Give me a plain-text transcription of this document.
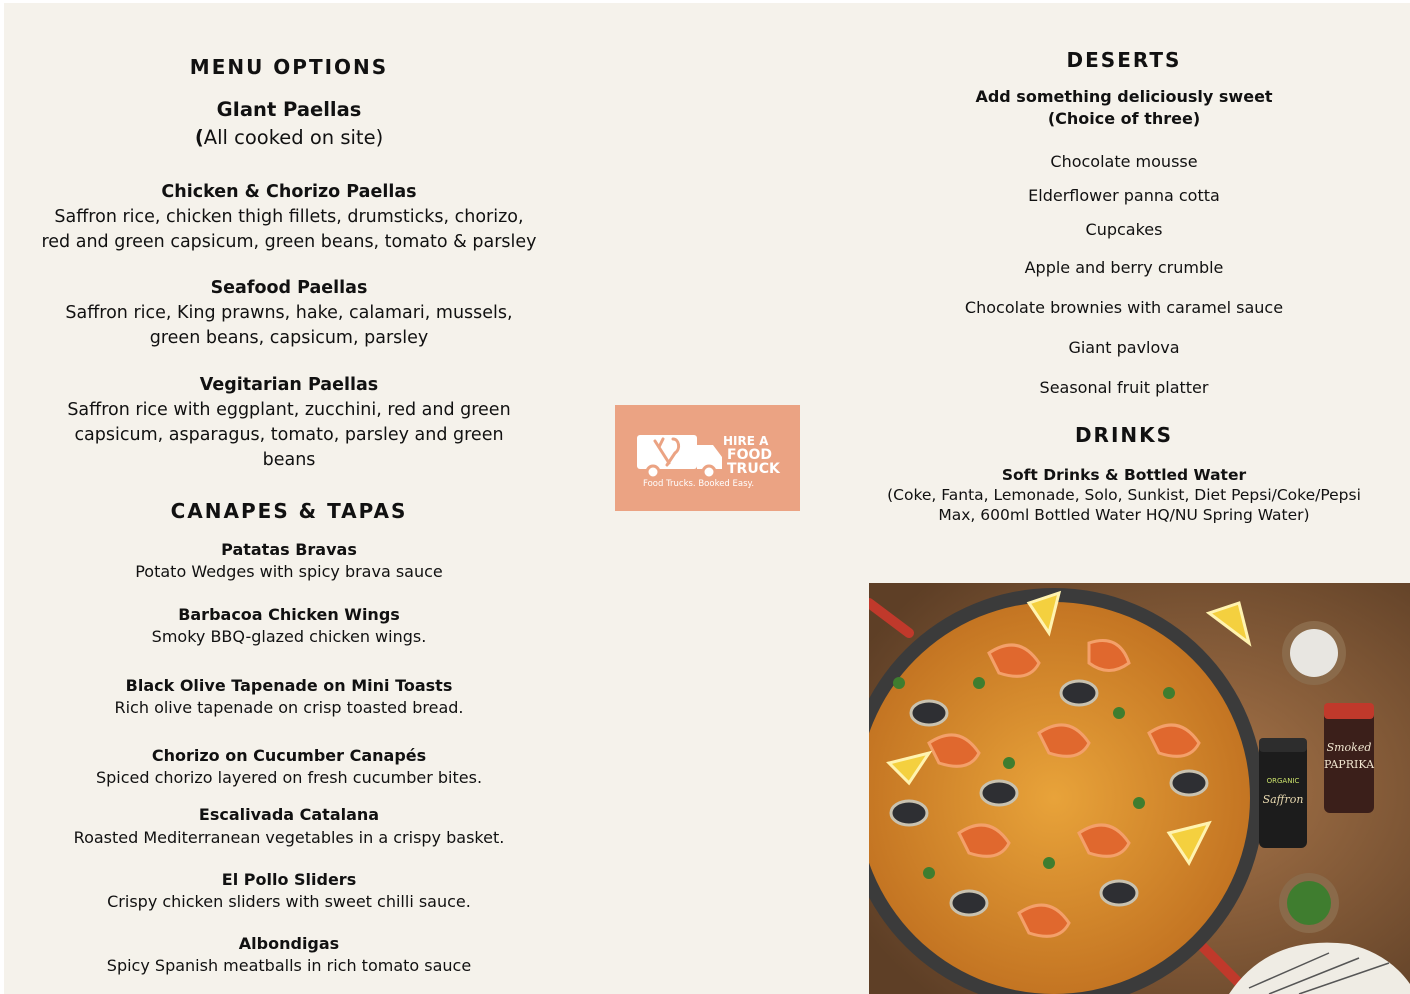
MENU OPTIONS
GIant Paellas
(All cooked on site)
Chicken & Chorizo Paellas
Saffron rice, chicken thigh fillets, drumsticks, chorizo,
red and green capsicum, green beans, tomato & parsley
Seafood Paellas
Saffron rice, King prawns, hake, calamari, mussels,
green beans, capsicum, parsley
Vegitarian Paellas
Saffron rice with eggplant, zucchini, red and green
capsicum, asparagus, tomato, parsley and green
beans
CANAPES & TAPAS
Patatas Bravas
Potato Wedges with spicy brava sauce
Barbacoa Chicken Wings
Smoky BBQ-glazed chicken wings.
Black Olive Tapenade on Mini Toasts
Rich olive tapenade on crisp toasted bread.
Chorizo on Cucumber Canapés
Spiced chorizo layered on fresh cucumber bites.
Escalivada Catalana
Roasted Mediterranean vegetables in a crispy basket.
El Pollo Sliders
Crispy chicken sliders with sweet chilli sauce.
Albondigas
Spicy Spanish meatballs in rich tomato sauce
HIRE A
FOOD
TRUCK
Food Trucks. Booked Easy.
DESERTS
Add something deliciously sweet
(Choice of three)
Chocolate mousse
Elderflower panna cotta
Cupcakes
Apple and berry crumble
Chocolate brownies with caramel sauce
Giant pavlova
Seasonal fruit platter
DRINKS
Soft Drinks & Bottled Water
(Coke, Fanta, Lemonade, Solo, Sunkist, Diet Pepsi/Coke/Pepsi
Max, 600ml Bottled Water HQ/NU Spring Water)
Smoked
PAPRIKA
ORGANIC
Saffron
